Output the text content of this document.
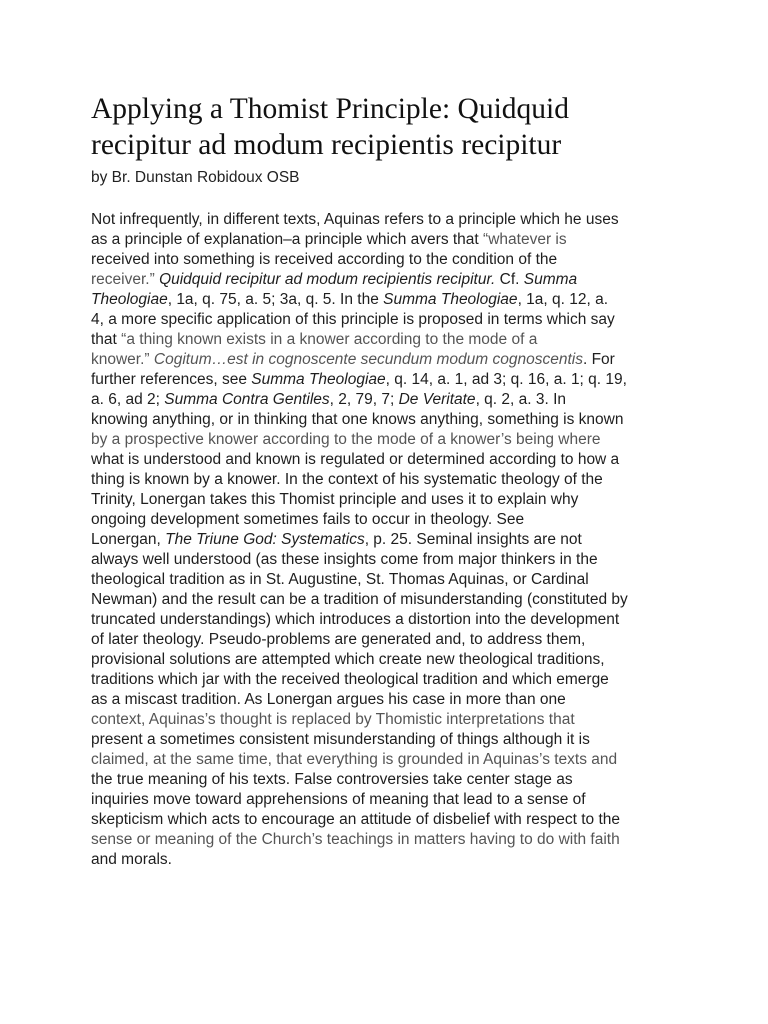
Applying a Thomist Principle: Quidquid
recipitur ad modum recipientis recipitur
by Br. Dunstan Robidoux OSB
Not infrequently, in different texts, Aquinas refers to a principle which he uses
as a principle of explanation–a principle which avers that “whatever is
received into something is received according to the condition of the
receiver.” Quidquid recipitur ad modum recipientis recipitur. Cf. Summa
Theologiae, 1a, q. 75, a. 5; 3a, q. 5. In the Summa Theologiae, 1a, q. 12, a.
4, a more specific application of this principle is proposed in terms which say
that “a thing known exists in a knower according to the mode of a
knower.” Cogitum…est in cognoscente secundum modum cognoscentis. For
further references, see Summa Theologiae, q. 14, a. 1, ad 3; q. 16, a. 1; q. 19,
a. 6, ad 2; Summa Contra Gentiles, 2, 79, 7; De Veritate, q. 2, a. 3. In
knowing anything, or in thinking that one knows anything, something is known
by a prospective knower according to the mode of a knower’s being where
what is understood and known is regulated or determined according to how a
thing is known by a knower. In the context of his systematic theology of the
Trinity, Lonergan takes this Thomist principle and uses it to explain why
ongoing development sometimes fails to occur in theology. See
Lonergan, The Triune God: Systematics, p. 25. Seminal insights are not
always well understood (as these insights come from major thinkers in the
theological tradition as in St. Augustine, St. Thomas Aquinas, or Cardinal
Newman) and the result can be a tradition of misunderstanding (constituted by
truncated understandings) which introduces a distortion into the development
of later theology. Pseudo-problems are generated and, to address them,
provisional solutions are attempted which create new theological traditions,
traditions which jar with the received theological tradition and which emerge
as a miscast tradition. As Lonergan argues his case in more than one
context, Aquinas’s thought is replaced by Thomistic interpretations that
present a sometimes consistent misunderstanding of things although it is
claimed, at the same time, that everything is grounded in Aquinas’s texts and
the true meaning of his texts. False controversies take center stage as
inquiries move toward apprehensions of meaning that lead to a sense of
skepticism which acts to encourage an attitude of disbelief with respect to the
sense or meaning of the Church’s teachings in matters having to do with faith
and morals.
